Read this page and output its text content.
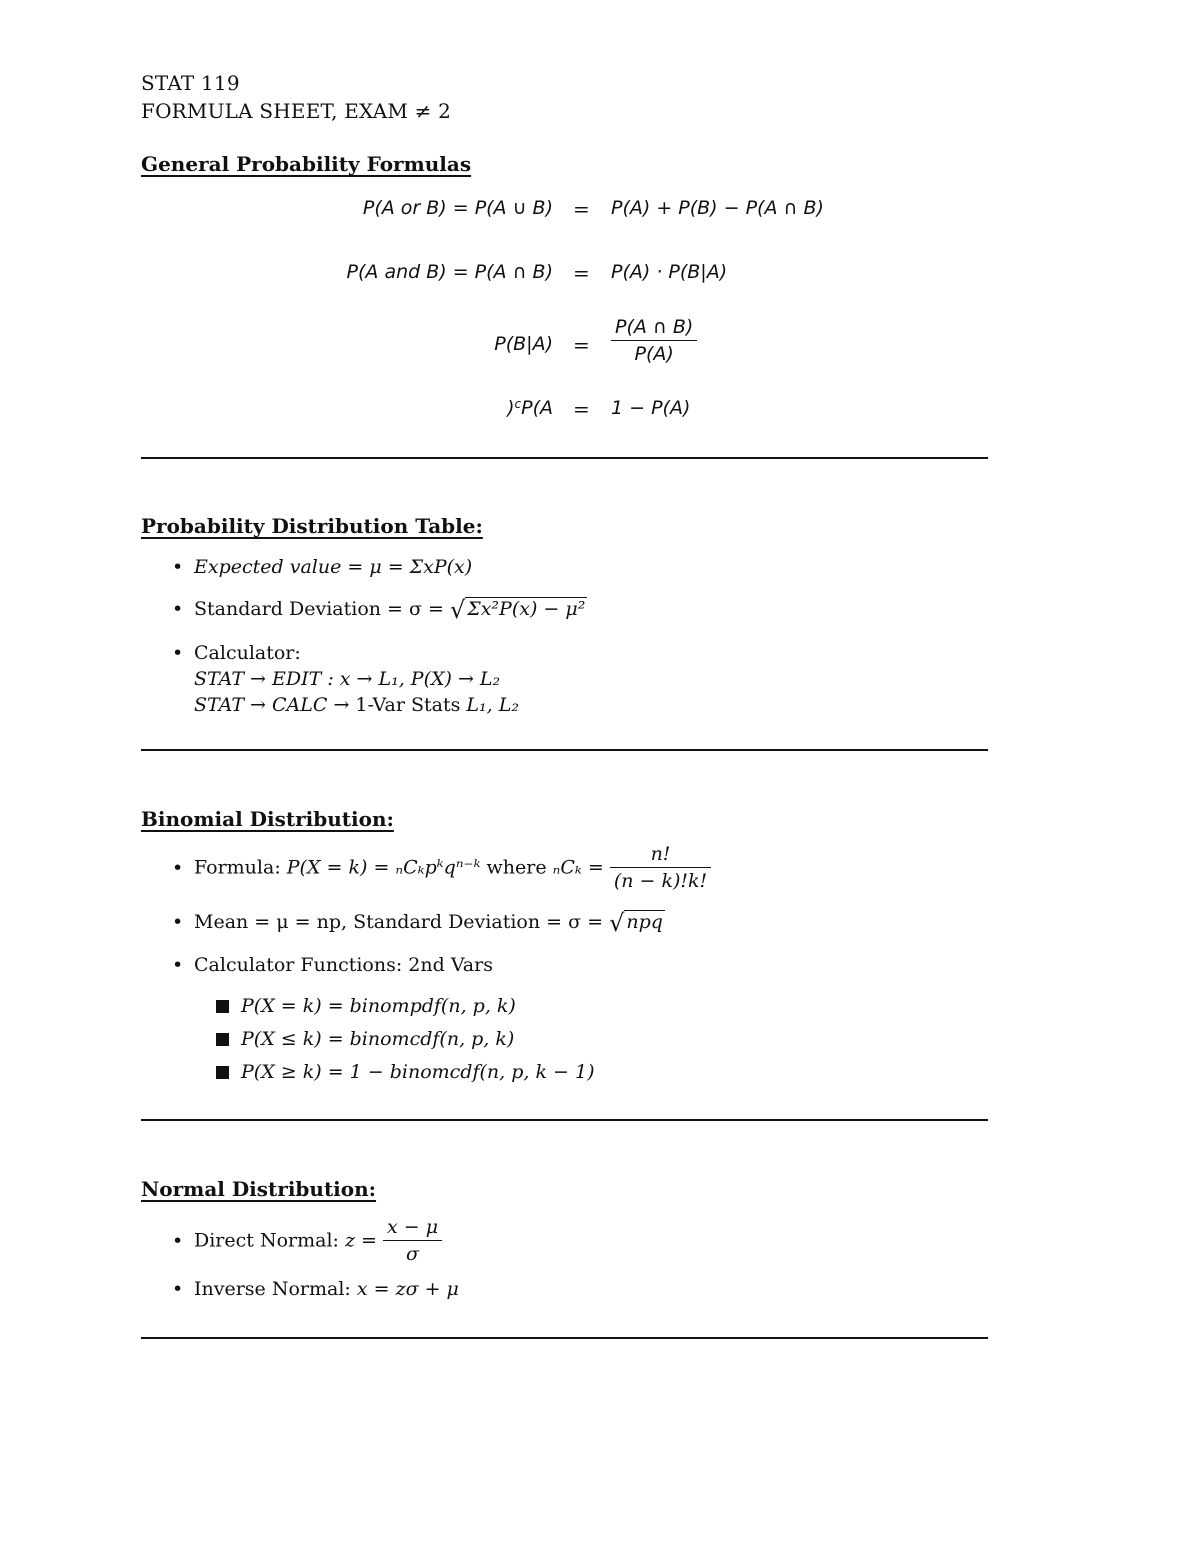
STAT 119
FORMULA SHEET, EXAM ≠ 2
General Probability Formulas
P(A or B) = P(A ∪ B) = P(A) + P(B) − P(A ∩ B)
P(A and B) = P(A ∩ B) = P(A) · P(B|A)
$P(B|A) = \frac{P(A \cap B)}{P(A)}$
P(A
c
)	= 1 − P(A)
Probability Distribution Table:
• Expected value = μ = ΣxP(x)
• Standard Deviation = σ = √ Σx²P(x) − μ²
• Calculator:
STAT → EDIT : x → L₁, P(X) → L₂
STAT → CALC → 1-Var Stats L₁, L₂
Binomial Distribution:
• Formula: P(X = k) = ₙCₖpᵏqⁿ⁻ᵏ where $_nC_k = \frac{n!}{(n - k)!k!}$
• Mean = μ = np, Standard Deviation = σ = √ npq
• Calculator Functions: 2nd Vars
P(X = k) = binompdf(n, p, k)
P(X ≤ k) = binomcdf(n, p, k)
P(X ≥ k) = 1 − binomcdf(n, p, k − 1)
Normal Distribution:
• Direct Normal: $z = \frac{x - \mu}{\sigma}$
• Inverse Normal: x = zσ + μ
